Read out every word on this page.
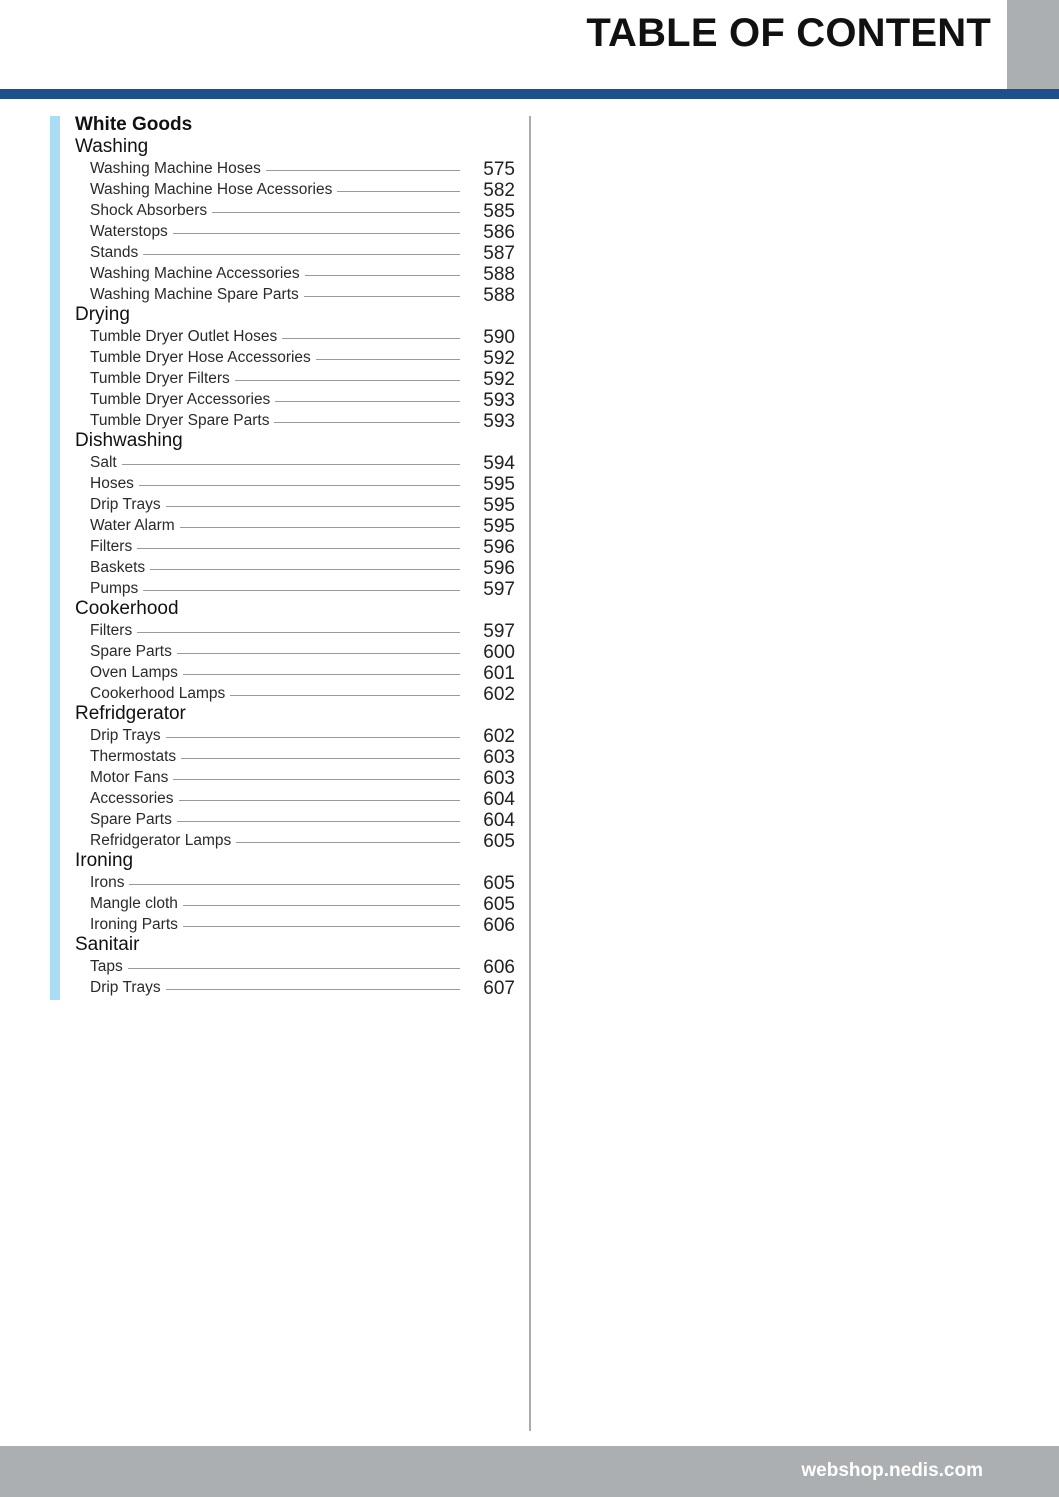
TABLE OF CONTENT
White Goods
Washing
Washing Machine Hoses	575
Washing Machine Hose Acessories	582
Shock Absorbers	585
Waterstops	586
Stands	587
Washing Machine Accessories	588
Washing Machine Spare Parts	588
Drying
Tumble Dryer Outlet Hoses	590
Tumble Dryer Hose Accessories	592
Tumble Dryer Filters	592
Tumble Dryer Accessories	593
Tumble Dryer Spare Parts	593
Dishwashing
Salt	594
Hoses	595
Drip Trays	595
Water Alarm	595
Filters	596
Baskets	596
Pumps	597
Cookerhood
Filters	597
Spare Parts	600
Oven Lamps	601
Cookerhood Lamps	602
Refridgerator
Drip Trays	602
Thermostats	603
Motor Fans	603
Accessories	604
Spare Parts	604
Refridgerator Lamps	605
Ironing
Irons	605
Mangle cloth	605
Ironing Parts	606
Sanitair
Taps	606
Drip Trays	607
webshop.nedis.com
